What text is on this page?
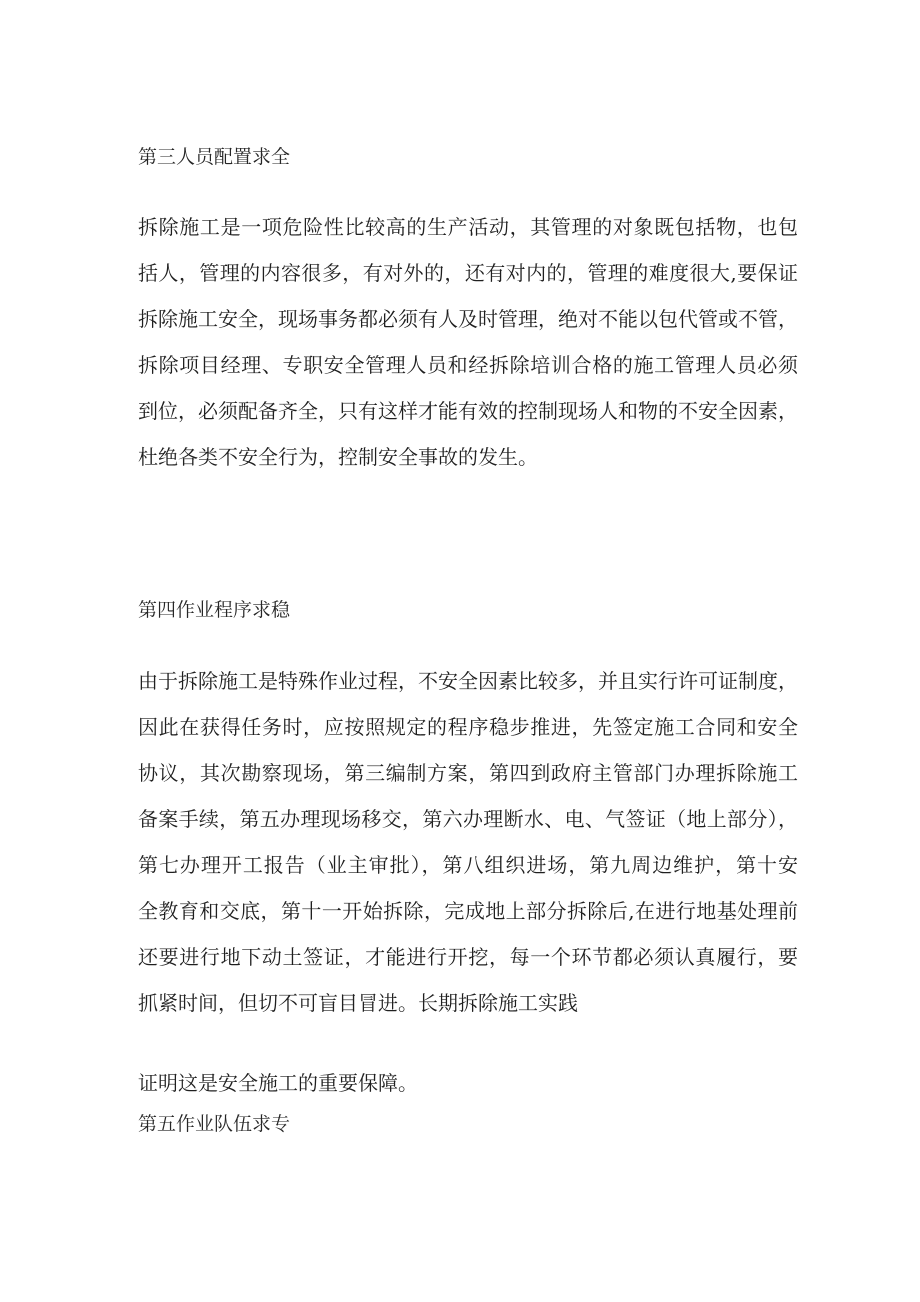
第三人员配置求全
拆除施工是一项危险性比较高的生产活动，其管理的对象既包括物，也包
括人，管理的内容很多，有对外的，还有对内的，管理的难度很大,要保证
拆除施工安全，现场事务都必须有人及时管理，绝对不能以包代管或不管，
拆除项目经理、专职安全管理人员和经拆除培训合格的施工管理人员必须
到位，必须配备齐全，只有这样才能有效的控制现场人和物的不安全因素，
杜绝各类不安全行为，控制安全事故的发生。
第四作业程序求稳
由于拆除施工是特殊作业过程，不安全因素比较多，并且实行许可证制度，
因此在获得任务时，应按照规定的程序稳步推进，先签定施工合同和安全
协议，其次勘察现场，第三编制方案，第四到政府主管部门办理拆除施工
备案手续，第五办理现场移交，第六办理断水、电、气签证（地上部分），
第七办理开工报告（业主审批），第八组织进场，第九周边维护，第十安
全教育和交底，第十一开始拆除，完成地上部分拆除后,在进行地基处理前
还要进行地下动土签证，才能进行开挖，每一个环节都必须认真履行，要
抓紧时间，但切不可盲目冒进。长期拆除施工实践
证明这是安全施工的重要保障。
第五作业队伍求专
